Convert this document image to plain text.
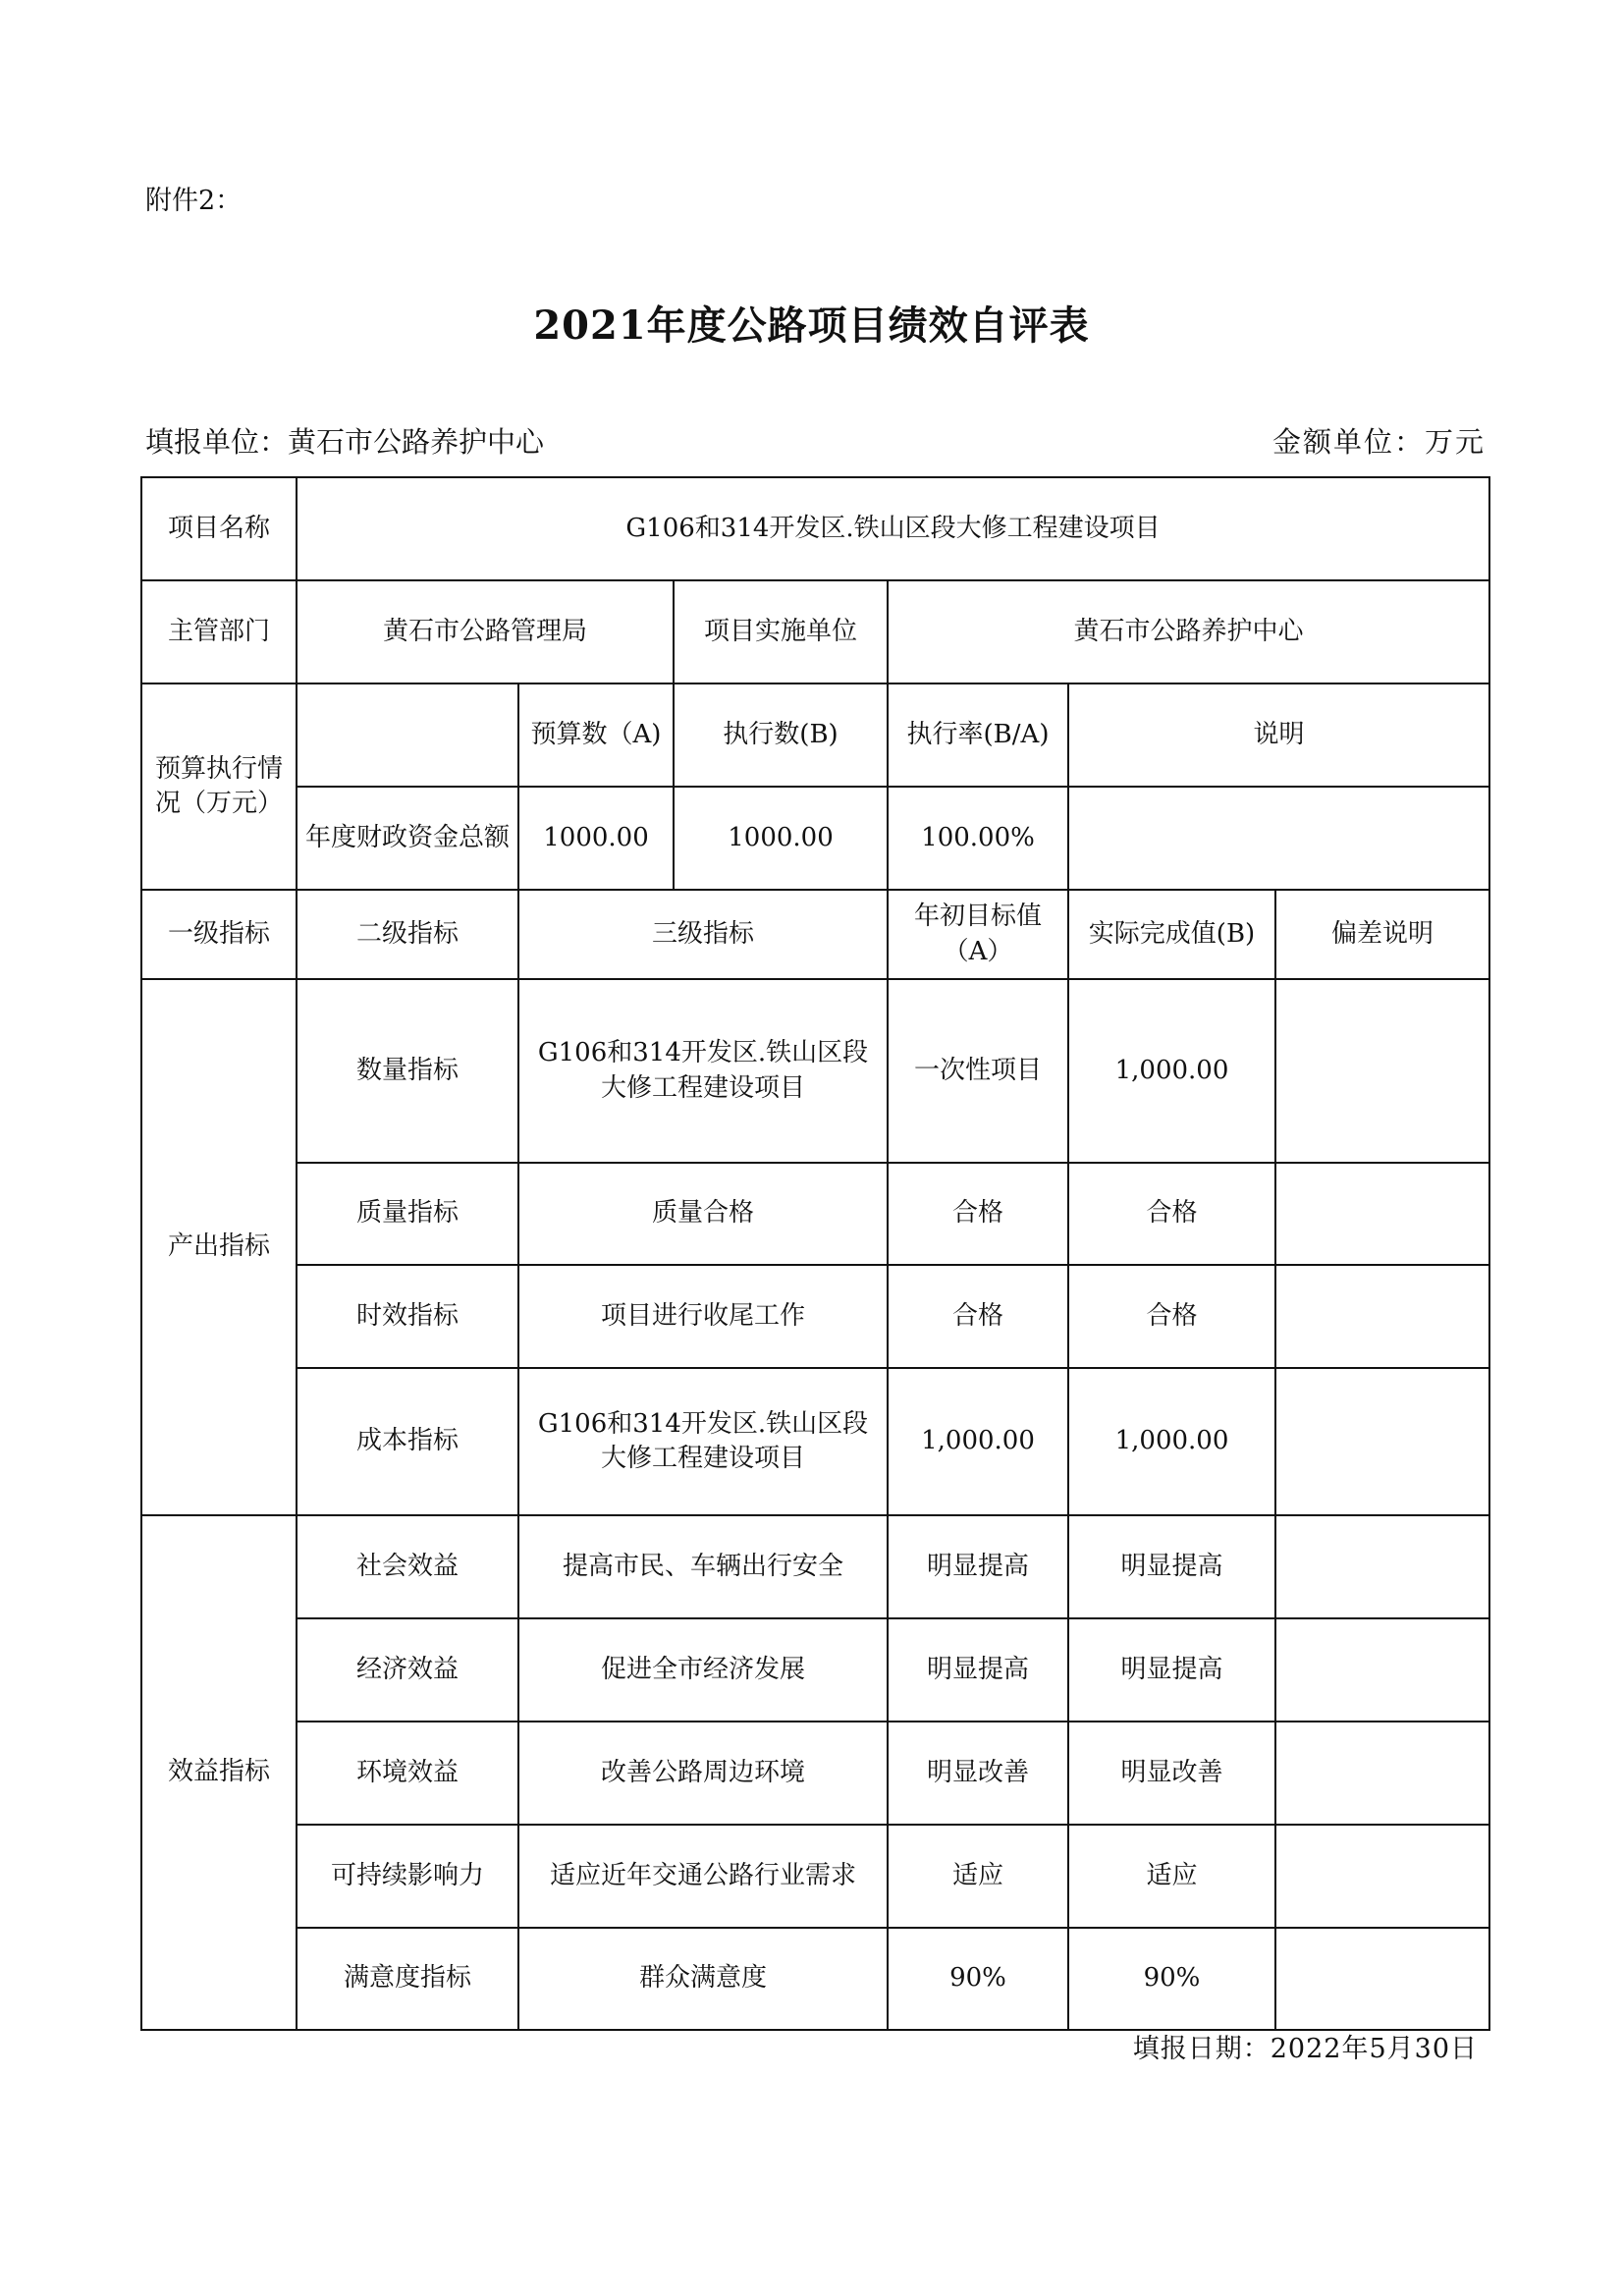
附件2：
2021年度公路项目绩效自评表
填报单位：黄石市公路养护中心	金额单位：万元
项目名称	G106和314开发区.铁山区段大修工程建设项目					
主管部门	黄石市公路管理局		项目实施单位	黄石市公路养护中心		
预算执行情况（万元）		预算数（A)	执行数(B)	执行率(B/A)	说明	
	年度财政资金总额	1000.00	1000.00	100.00%		
一级指标	二级指标	三级指标		年初目标值（A）	实际完成值(B)	偏差说明
产出指标	数量指标	G106和314开发区.铁山区段大修工程建设项目		一次性项目	1,000.00	
	质量指标	质量合格		合格	合格	
	时效指标	项目进行收尾工作		合格	合格	
	成本指标	G106和314开发区.铁山区段大修工程建设项目		1,000.00	1,000.00	
效益指标	社会效益	提高市民、车辆出行安全		明显提高	明显提高	
	经济效益	促进全市经济发展		明显提高	明显提高	
	环境效益	改善公路周边环境		明显改善	明显改善	
	可持续影响力	适应近年交通公路行业需求		适应	适应	
	满意度指标	群众满意度		90%	90%	
填报日期：2022年5月30日
